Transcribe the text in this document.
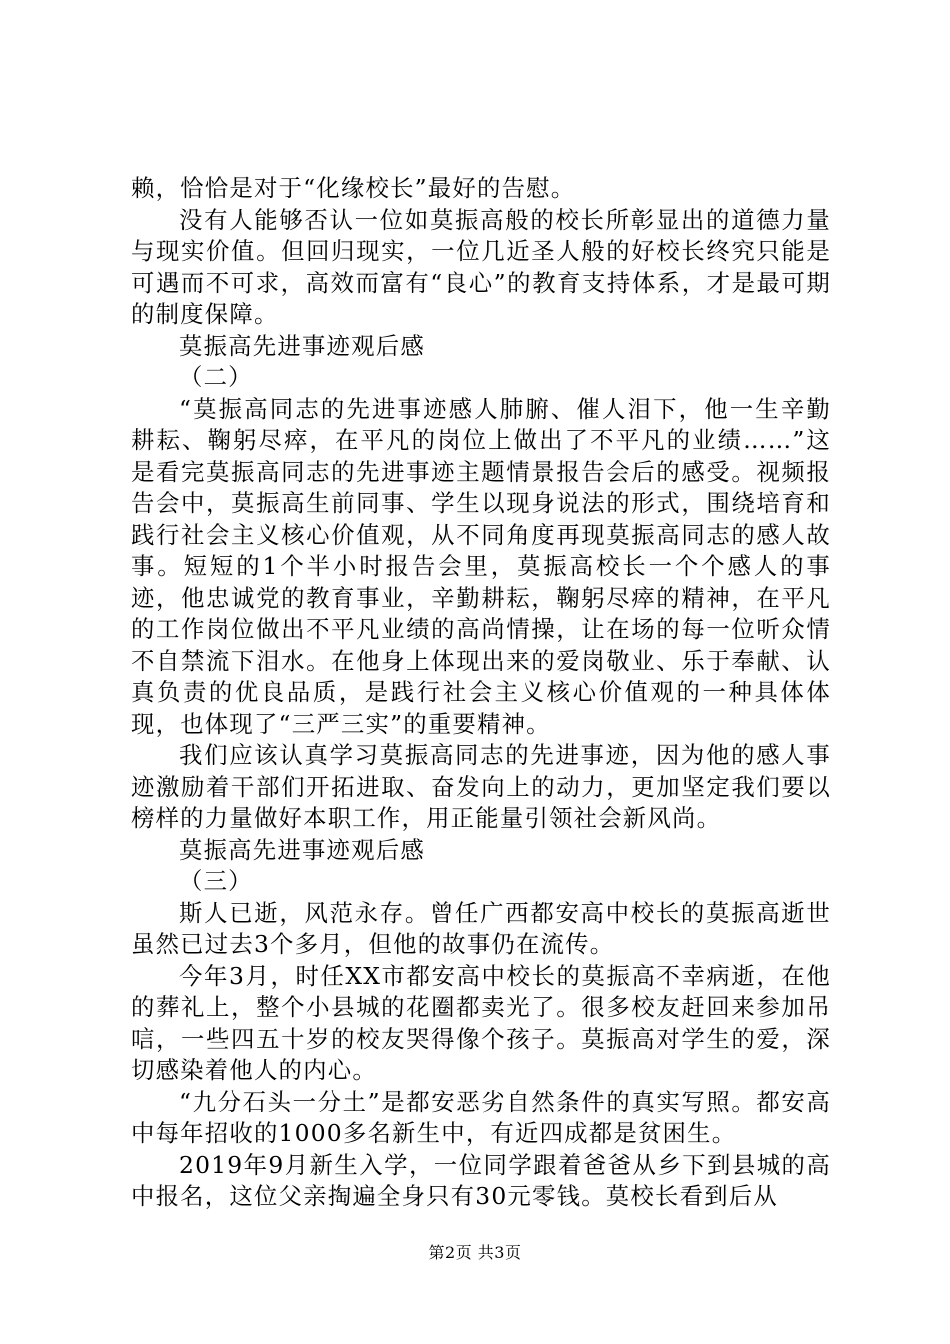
赖，恰恰是对于“化缘校长”最好的告慰。

没有人能够否认一位如莫振高般的校长所彰显出的道德力量与现实价值。但回归现实，一位几近圣人般的好校长终究只能是可遇而不可求，高效而富有“良心”的教育支持体系，才是最可期的制度保障。

莫振高先进事迹观后感

（二）

“莫振高同志的先进事迹感人肺腑、催人泪下，他一生辛勤耕耘、鞠躬尽瘁，在平凡的岗位上做出了不平凡的业绩……”这是看完莫振高同志的先进事迹主题情景报告会后的感受。视频报告会中，莫振高生前同事、学生以现身说法的形式，围绕培育和践行社会主义核心价值观，从不同角度再现莫振高同志的感人故事。短短的1个半小时报告会里，莫振高校长一个个感人的事迹，他忠诚党的教育事业，辛勤耕耘，鞠躬尽瘁的精神，在平凡的工作岗位做出不平凡业绩的高尚情操，让在场的每一位听众情不自禁流下泪水。在他身上体现出来的爱岗敬业、乐于奉献、认真负责的优良品质，是践行社会主义核心价值观的一种具体体现，也体现了“三严三实”的重要精神。

我们应该认真学习莫振高同志的先进事迹，因为他的感人事迹激励着干部们开拓进取、奋发向上的动力，更加坚定我们要以榜样的力量做好本职工作，用正能量引领社会新风尚。

莫振高先进事迹观后感

（三）

斯人已逝，风范永存。曾任广西都安高中校长的莫振高逝世虽然已过去3个多月，但他的故事仍在流传。

今年3月，时任XX市都安高中校长的莫振高不幸病逝，在他的葬礼上，整个小县城的花圈都卖光了。很多校友赶回来参加吊唁，一些四五十岁的校友哭得像个孩子。莫振高对学生的爱，深切感染着他人的内心。

“九分石头一分土”是都安恶劣自然条件的真实写照。都安高中每年招收的1000多名新生中，有近四成都是贫困生。

2019年9月新生入学，一位同学跟着爸爸从乡下到县城的高中报名，这位父亲掏遍全身只有30元零钱。莫校长看到后从

第2页 共3页
